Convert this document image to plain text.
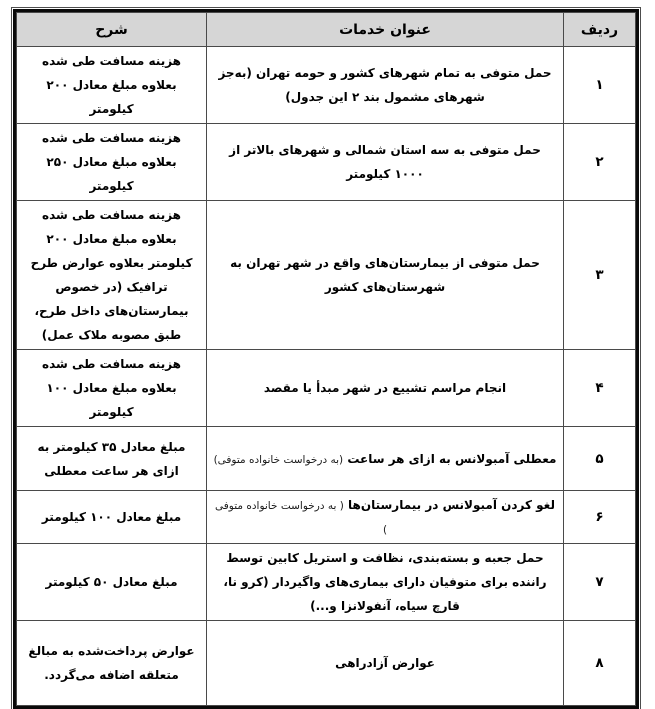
ردیف	عنوان خدمات	شرح
۱	حمل متوفی به تمام شهرهای کشور و حومه تهران (به‌جز شهرهای مشمول بند ۲ این جدول)	هزینه مسافت طی شده بعلاوه مبلغ معادل ۲۰۰ کیلومتر
۲	حمل متوفی به سه استان شمالی و شهرهای بالاتر از ۱۰۰۰ کیلومتر	هزینه مسافت طی شده بعلاوه مبلغ معادل ۲۵۰ کیلومتر
۳	حمل متوفی از بیمارستان‌های واقع در شهر تهران به شهرستان‌های کشور	هزینه مسافت طی شده بعلاوه مبلغ معادل ۲۰۰ کیلومتر بعلاوه عوارض طرح ترافیک (در خصوص بیمارستان‌های داخل طرح، طبق مصوبه ملاک عمل)
۴	انجام مراسم تشییع در شهر مبدأ یا مقصد	هزینه مسافت طی شده بعلاوه مبلغ معادل ۱۰۰ کیلومتر
۵	معطلی آمبولانس به ازای هر ساعت (به درخواست خانواده متوفی)	مبلغ معادل ۳۵ کیلومتر به ازای هر ساعت معطلی
۶	لغو کردن آمبولانس در بیمارستان‌ها ( به درخواست خانواده متوفی )	مبلغ معادل ۱۰۰ کیلومتر
۷	حمل جعبه و بسته‌بندی، نظافت و استریل کابین توسط راننده برای متوفیان دارای بیماری‌های واگیردار (کرو نا، قارچ سیاه، آنفولانزا و...)	مبلغ معادل ۵۰ کیلومتر
۸	عوارض آزادراهی	عوارض پرداخت‌شده به مبالغ متعلقه اضافه می‌گردد.
